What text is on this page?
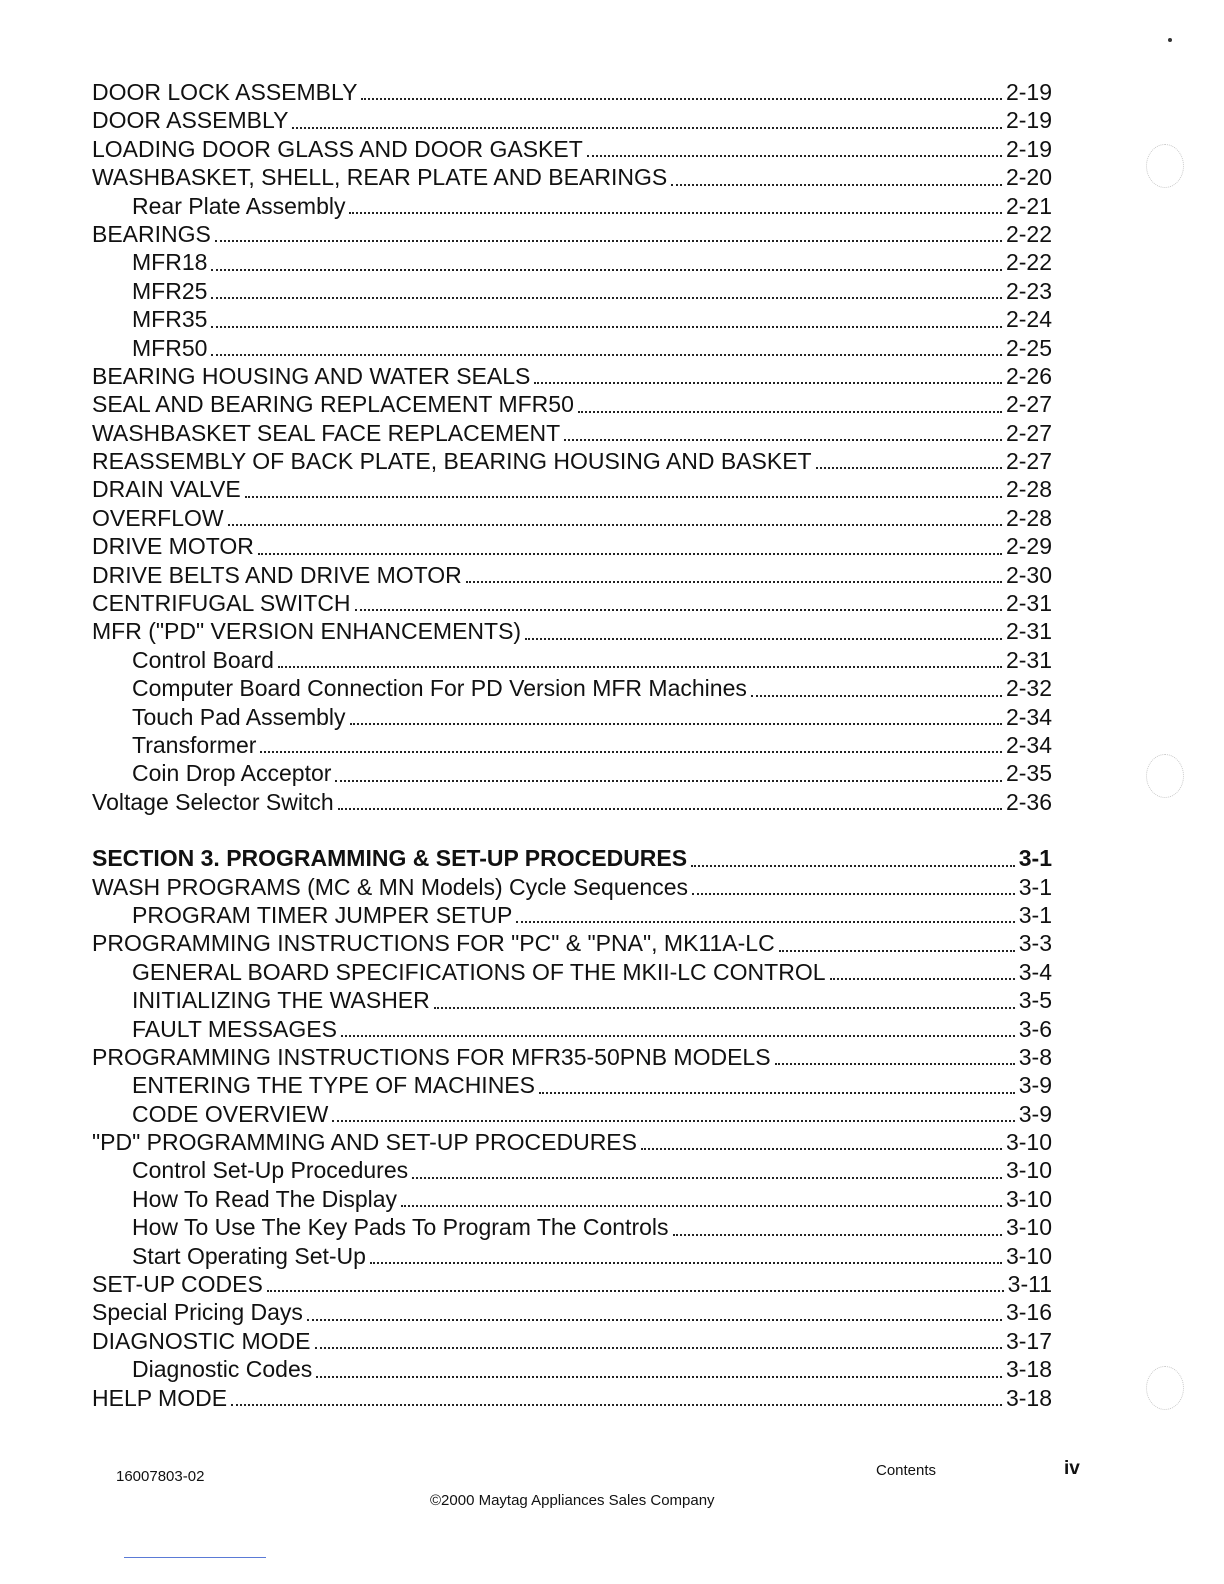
DOOR LOCK ASSEMBLY	2-19
DOOR ASSEMBLY	2-19
LOADING DOOR GLASS AND DOOR GASKET	2-19
WASHBASKET, SHELL, REAR PLATE AND BEARINGS	2-20
Rear Plate Assembly	2-21
BEARINGS	2-22
MFR18	2-22
MFR25	2-23
MFR35	2-24
MFR50	2-25
BEARING HOUSING AND WATER SEALS	2-26
SEAL AND BEARING REPLACEMENT MFR50	2-27
WASHBASKET SEAL FACE REPLACEMENT	2-27
REASSEMBLY OF BACK PLATE, BEARING HOUSING AND BASKET	2-27
DRAIN VALVE	2-28
OVERFLOW	2-28
DRIVE MOTOR	2-29
DRIVE BELTS AND DRIVE MOTOR	2-30
CENTRIFUGAL SWITCH	2-31
MFR ("PD" VERSION ENHANCEMENTS)	2-31
Control Board	2-31
Computer Board Connection For PD Version MFR Machines	2-32
Touch Pad Assembly	2-34
Transformer	2-34
Coin Drop Acceptor	2-35
Voltage Selector Switch	2-36
SECTION 3. PROGRAMMING & SET-UP PROCEDURES	3-1
WASH PROGRAMS (MC & MN Models) Cycle Sequences	3-1
PROGRAM TIMER JUMPER SETUP	3-1
PROGRAMMING INSTRUCTIONS FOR "PC" & "PNA", MK11A-LC	3-3
GENERAL BOARD SPECIFICATIONS OF THE MKII-LC CONTROL	3-4
INITIALIZING THE WASHER	3-5
FAULT MESSAGES	3-6
PROGRAMMING INSTRUCTIONS FOR MFR35-50PNB MODELS	3-8
ENTERING THE TYPE OF MACHINES	3-9
CODE OVERVIEW	3-9
"PD" PROGRAMMING AND SET-UP PROCEDURES	3-10
Control Set-Up Procedures	3-10
How To Read The Display	3-10
How To Use The Key Pads To Program The Controls	3-10
Start Operating Set-Up	3-10
SET-UP CODES	3-11
Special Pricing Days	3-16
DIAGNOSTIC MODE	3-17
Diagnostic Codes	3-18
HELP MODE	3-18
16007803-02	Contents	iv
©2000 Maytag Appliances Sales Company
